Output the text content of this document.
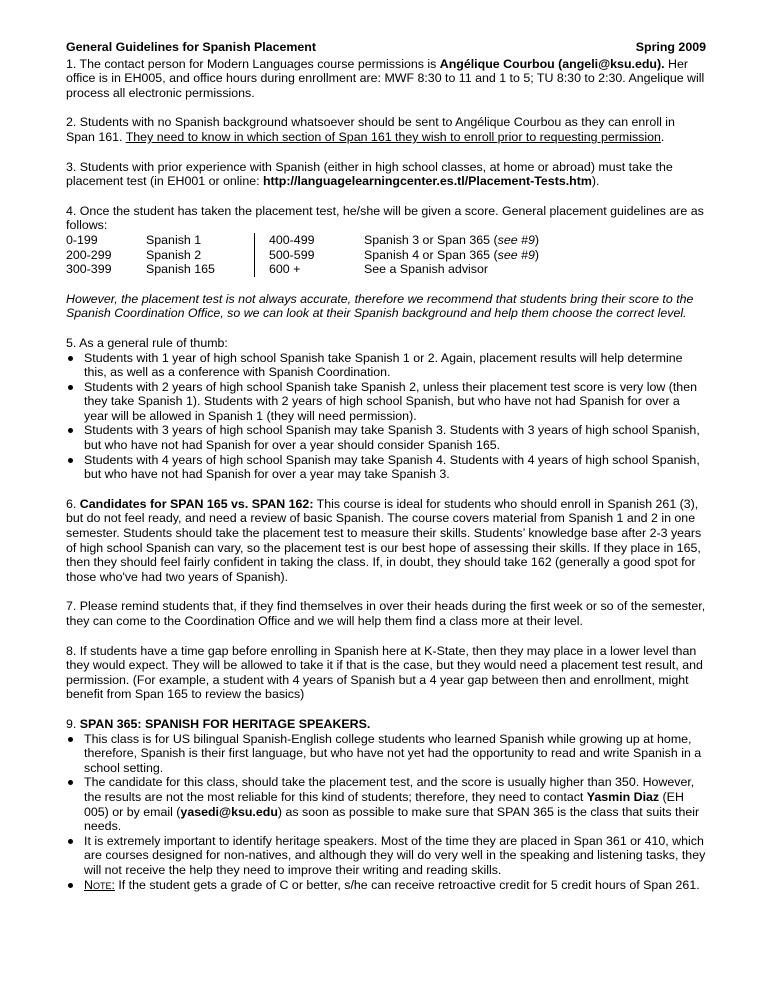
General Guidelines for Spanish Placement	Spring 2009

1. The contact person for Modern Languages course permissions is Angélique Courbou (angeli@ksu.edu). Her office is in EH005, and office hours during enrollment are: MWF 8:30 to 11 and 1 to 5; TU 8:30 to 2:30. Angelique will process all electronic permissions.

2. Students with no Spanish background whatsoever should be sent to Angélique Courbou as they can enroll in Span 161. They need to know in which section of Span 161 they wish to enroll prior to requesting permission.

3. Students with prior experience with Spanish (either in high school classes, at home or abroad) must take the placement test (in EH001 or online: http://languagelearningcenter.es.tl/Placement-Tests.htm).

4. Once the student has taken the placement test, he/she will be given a score. General placement guidelines are as follows:

0-199	Spanish 1	400-499	Spanish 3 or Span 365 (see #9)
200-299	Spanish 2	500-599	Spanish 4 or Span 365 (see #9)
300-399	Spanish 165	600 +	See a Spanish advisor

However, the placement test is not always accurate, therefore we recommend that students bring their score to the Spanish Coordination Office, so we can look at their Spanish background and help them choose the correct level.

5. As a general rule of thumb:

Students with 1 year of high school Spanish take Spanish 1 or 2. Again, placement results will help determine this, as well as a conference with Spanish Coordination.
Students with 2 years of high school Spanish take Spanish 2, unless their placement test score is very low (then they take Spanish 1). Students with 2 years of high school Spanish, but who have not had Spanish for over a year will be allowed in Spanish 1 (they will need permission).
Students with 3 years of high school Spanish may take Spanish 3. Students with 3 years of high school Spanish, but who have not had Spanish for over a year should consider Spanish 165.
Students with 4 years of high school Spanish may take Spanish 4. Students with 4 years of high school Spanish, but who have not had Spanish for over a year may take Spanish 3.

6. Candidates for SPAN 165 vs. SPAN 162: This course is ideal for students who should enroll in Spanish 261 (3), but do not feel ready, and need a review of basic Spanish. The course covers material from Spanish 1 and 2 in one semester. Students should take the placement test to measure their skills. Students’ knowledge base after 2-3 years of high school Spanish can vary, so the placement test is our best hope of assessing their skills. If they place in 165, then they should feel fairly confident in taking the class. If, in doubt, they should take 162 (generally a good spot for those who've had two years of Spanish).

7. Please remind students that, if they find themselves in over their heads during the first week or so of the semester, they can come to the Coordination Office and we will help them find a class more at their level.

8. If students have a time gap before enrolling in Spanish here at K-State, then they may place in a lower level than they would expect. They will be allowed to take it if that is the case, but they would need a placement test result, and permission. (For example, a student with 4 years of Spanish but a 4 year gap between then and enrollment, might benefit from Span 165 to review the basics)

9. SPAN 365: SPANISH FOR HERITAGE SPEAKERS.

This class is for US bilingual Spanish-English college students who learned Spanish while growing up at home, therefore, Spanish is their first language, but who have not yet had the opportunity to read and write Spanish in a school setting.
The candidate for this class, should take the placement test, and the score is usually higher than 350. However, the results are not the most reliable for this kind of students; therefore, they need to contact Yasmin Diaz (EH 005) or by email (yasedi@ksu.edu) as soon as possible to make sure that SPAN 365 is the class that suits their needs.
It is extremely important to identify heritage speakers. Most of the time they are placed in Span 361 or 410, which are courses designed for non-natives, and although they will do very well in the speaking and listening tasks, they will not receive the help they need to improve their writing and reading skills.
Note: If the student gets a grade of C or better, s/he can receive retroactive credit for 5 credit hours of Span 261.
